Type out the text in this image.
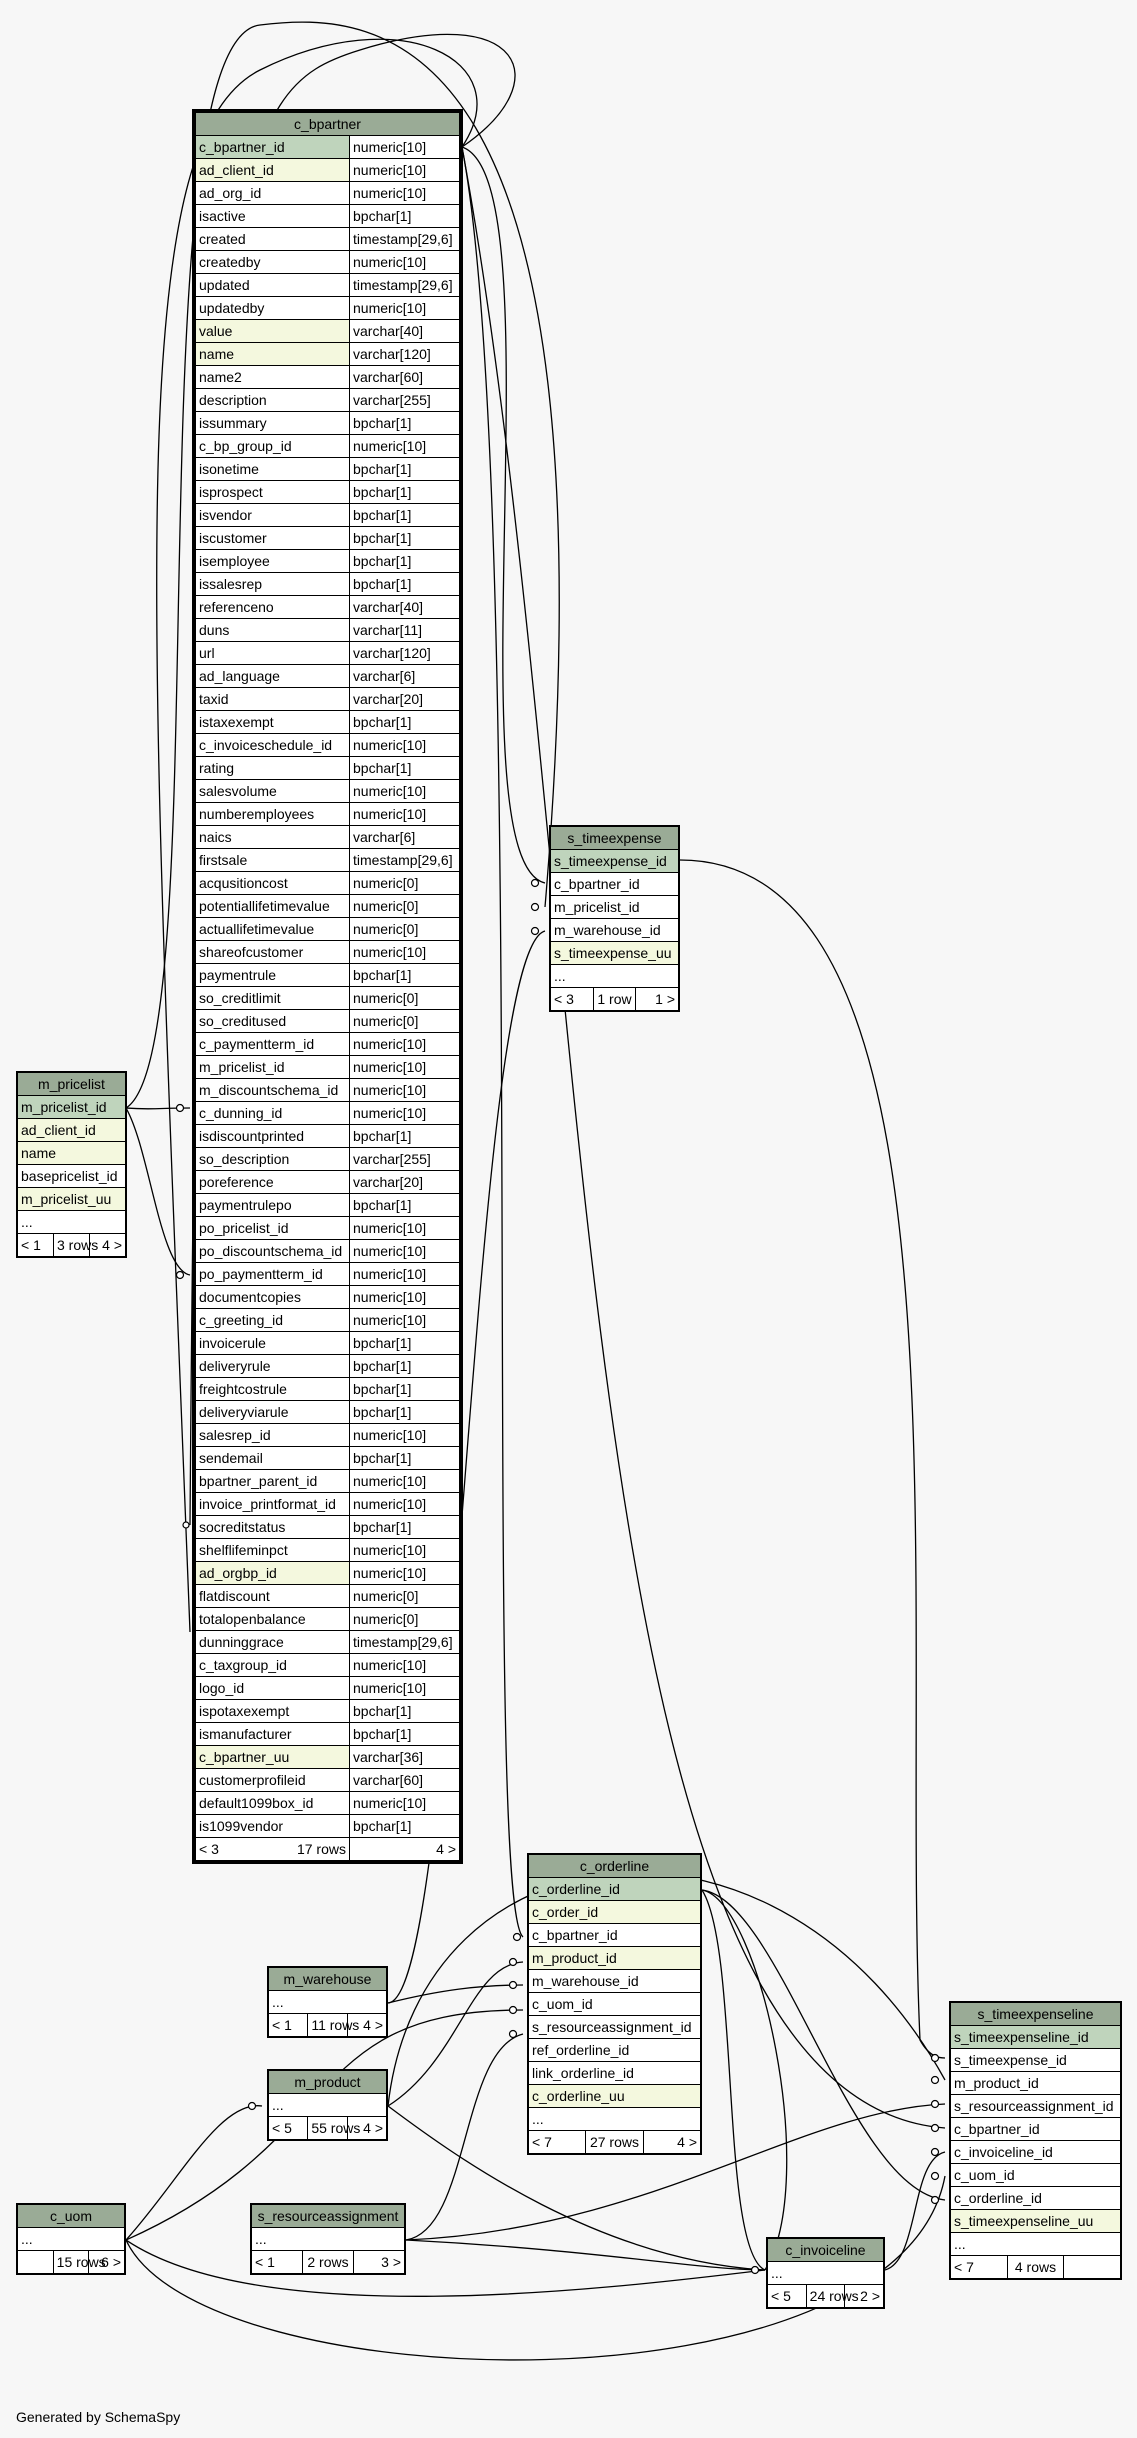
c_bpartner	
c_bpartner_id	numeric[10]
ad_client_id	numeric[10]
ad_org_id	numeric[10]
isactive	bpchar[1]
created	timestamp[29,6]
createdby	numeric[10]
updated	timestamp[29,6]
updatedby	numeric[10]
value	varchar[40]
name	varchar[120]
name2	varchar[60]
description	varchar[255]
issummary	bpchar[1]
c_bp_group_id	numeric[10]
isonetime	bpchar[1]
isprospect	bpchar[1]
isvendor	bpchar[1]
iscustomer	bpchar[1]
isemployee	bpchar[1]
issalesrep	bpchar[1]
referenceno	varchar[40]
duns	varchar[11]
url	varchar[120]
ad_language	varchar[6]
taxid	varchar[20]
istaxexempt	bpchar[1]
c_invoiceschedule_id	numeric[10]
rating	bpchar[1]
salesvolume	numeric[10]
numberemployees	numeric[10]
naics	varchar[6]
firstsale	timestamp[29,6]
acqusitioncost	numeric[0]
potentiallifetimevalue	numeric[0]
actuallifetimevalue	numeric[0]
shareofcustomer	numeric[10]
paymentrule	bpchar[1]
so_creditlimit	numeric[0]
so_creditused	numeric[0]
c_paymentterm_id	numeric[10]
m_pricelist_id	numeric[10]
m_discountschema_id	numeric[10]
c_dunning_id	numeric[10]
isdiscountprinted	bpchar[1]
so_description	varchar[255]
poreference	varchar[20]
paymentrulepo	bpchar[1]
po_pricelist_id	numeric[10]
po_discountschema_id	numeric[10]
po_paymentterm_id	numeric[10]
documentcopies	numeric[10]
c_greeting_id	numeric[10]
invoicerule	bpchar[1]
deliveryrule	bpchar[1]
freightcostrule	bpchar[1]
deliveryviarule	bpchar[1]
salesrep_id	numeric[10]
sendemail	bpchar[1]
bpartner_parent_id	numeric[10]
invoice_printformat_id	numeric[10]
socreditstatus	bpchar[1]
shelflifeminpct	numeric[10]
ad_orgbp_id	numeric[10]
flatdiscount	numeric[0]
totalopenbalance	numeric[0]
dunninggrace	timestamp[29,6]
c_taxgroup_id	numeric[10]
logo_id	numeric[10]
ispotaxexempt	bpchar[1]
ismanufacturer	bpchar[1]
c_bpartner_uu	varchar[36]
customerprofileid	varchar[60]
default1099box_id	numeric[10]
is1099vendor	bpchar[1]

< 3 17 rows	4 >
m_pricelist
m_pricelist_id
ad_client_id
name
basepricelist_id
m_pricelist_uu
...
< 1	3 rows	4 >
s_timeexpense
s_timeexpense_id
c_bpartner_id
m_pricelist_id
m_warehouse_id
s_timeexpense_uu
...
< 3	1 row	1 >
c_orderline
c_orderline_id
c_order_id
c_bpartner_id
m_product_id
m_warehouse_id
c_uom_id
s_resourceassignment_id
ref_orderline_id
link_orderline_id
c_orderline_uu
...
< 7	27 rows	4 >
m_warehouse
...
< 1	11 rows	4 >
m_product
...
< 5	55 rows	4 >
c_uom
...
	15 rows	6 >
s_resourceassignment
...
< 1	2 rows	3 >
c_invoiceline
...
< 5	24 rows	2 >
s_timeexpenseline
s_timeexpenseline_id
s_timeexpense_id
m_product_id
s_resourceassignment_id
c_bpartner_id
c_invoiceline_id
c_uom_id
c_orderline_id
s_timeexpenseline_uu
...
< 7	4 rows	
Generated by SchemaSpy
